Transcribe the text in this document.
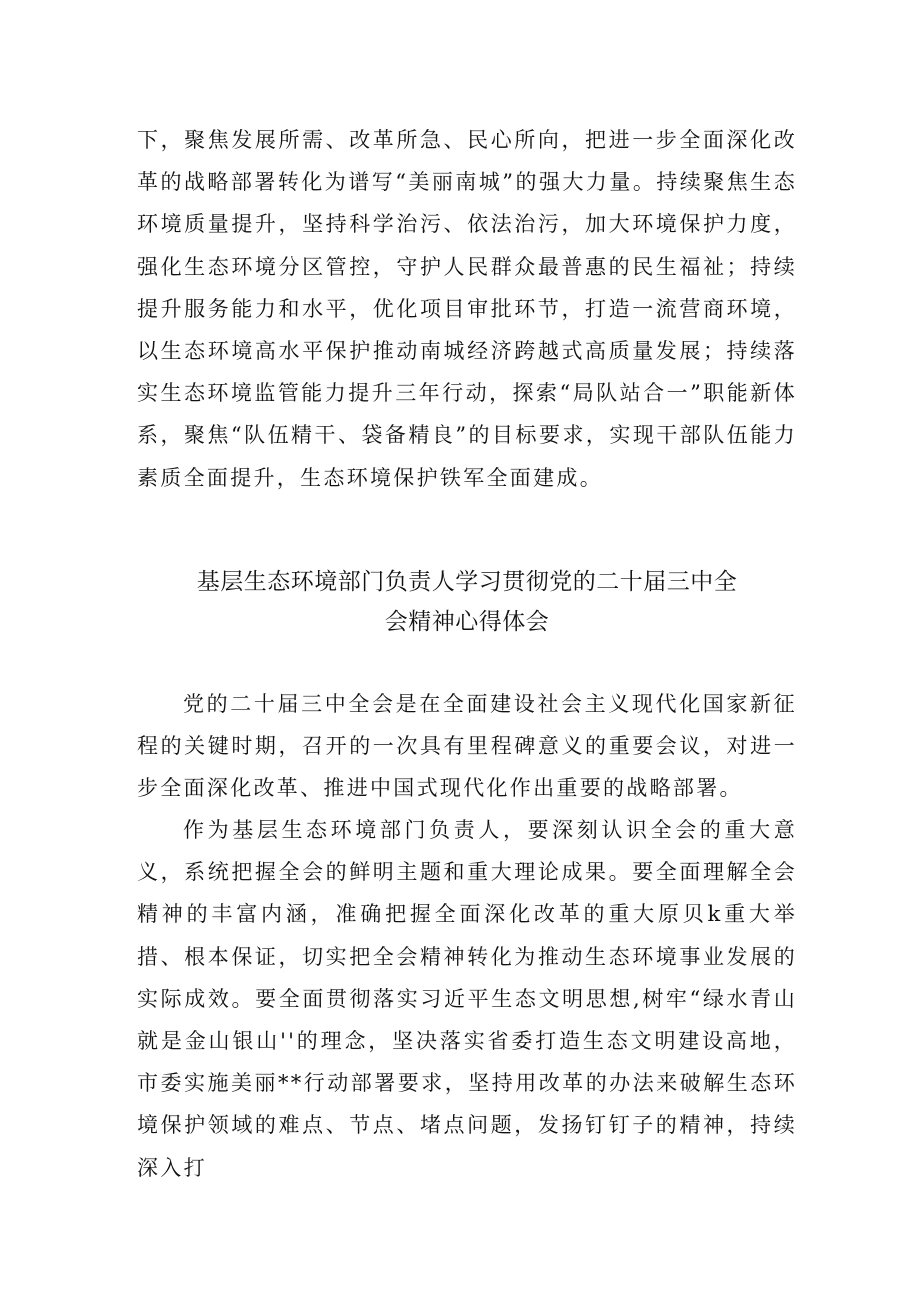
下，聚焦发展所需、改革所急、民心所向，把进一步全面深化改革的战略部署转化为谱写“美丽南城”的强大力量。持续聚焦生态环境质量提升，坚持科学治污、依法治污，加大环境保护力度，强化生态环境分区管控，守护人民群众最普惠的民生福祉；持续提升服务能力和水平，优化项目审批环节，打造一流营商环境，以生态环境高水平保护推动南城经济跨越式高质量发展；持续落实生态环境监管能力提升三年行动，探索“局队站合一”职能新体系，聚焦“队伍精干、袋备精良”的目标要求，实现干部队伍能力素质全面提升，生态环境保护铁军全面建成。

基层生态环境部门负责人学习贯彻党的二十届三中全
会精神心得体会

党的二十届三中全会是在全面建设社会主义现代化国家新征程的关键时期，召开的一次具有里程碑意义的重要会议，对进一步全面深化改革、推进中国式现代化作出重要的战略部署。

作为基层生态环境部门负责人，要深刻认识全会的重大意义，系统把握全会的鲜明主题和重大理论成果。要全面理解全会精神的丰富内涵，准确把握全面深化改革的重大原贝k重大举措、根本保证，切实把全会精神转化为推动生态环境事业发展的实际成效。要全面贯彻落实习近平生态文明思想,树牢“绿水青山就是金山银山''的理念，坚决落实省委打造生态文明建设高地，市委实施美丽**行动部署要求，坚持用改革的办法来破解生态环境保护领域的难点、节点、堵点问题，发扬钉钉子的精神，持续深入打
